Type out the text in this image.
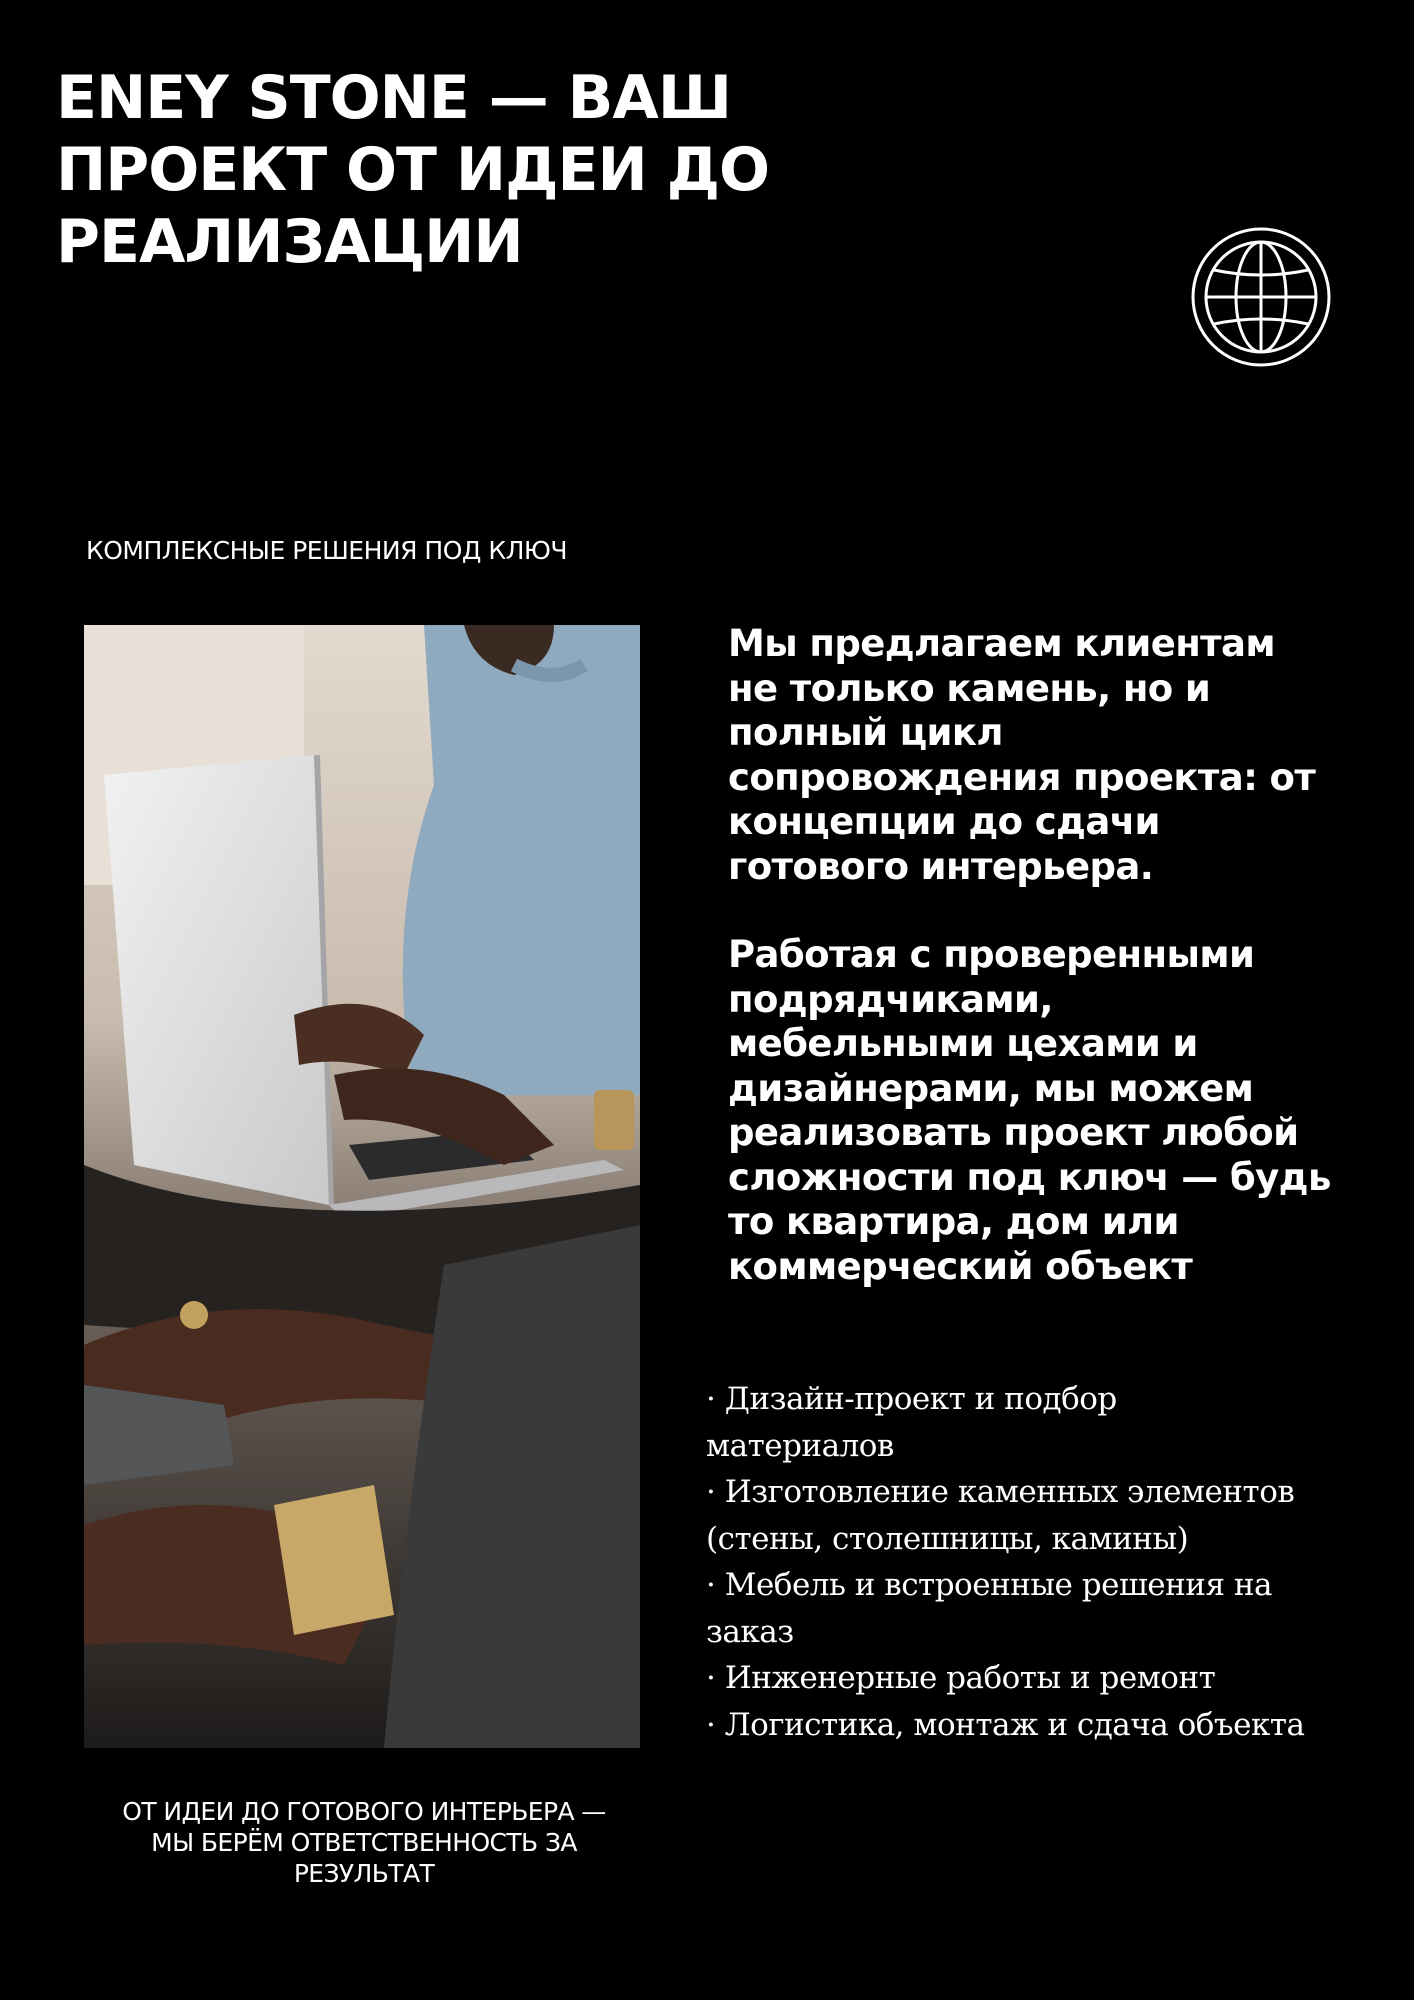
ENEY STONE — ВАШ
ПРОЕКТ ОТ ИДЕИ ДО
РЕАЛИЗАЦИИ
КОМПЛЕКСНЫЕ РЕШЕНИЯ ПОД КЛЮЧ

Мы предлагаем клиентам
не только камень, но и
полный цикл
сопровождения проекта: от
концепции до сдачи
готового интерьера.

Работая с проверенными
подрядчиками,
мебельными цехами и
дизайнерами, мы можем
реализовать проект любой
сложности под ключ — будь
то квартира, дом или
коммерческий объект

· Дизайн-проект и подбор
материалов
· Изготовление каменных элементов
(стены, столешницы, камины)
· Мебель и встроенные решения на
заказ
· Инженерные работы и ремонт
· Логистика, монтаж и сдача объекта
ОТ ИДЕИ ДО ГОТОВОГО ИНТЕРЬЕРА —
МЫ БЕРЁМ ОТВЕТСТВЕННОСТЬ ЗА
РЕЗУЛЬТАТ
